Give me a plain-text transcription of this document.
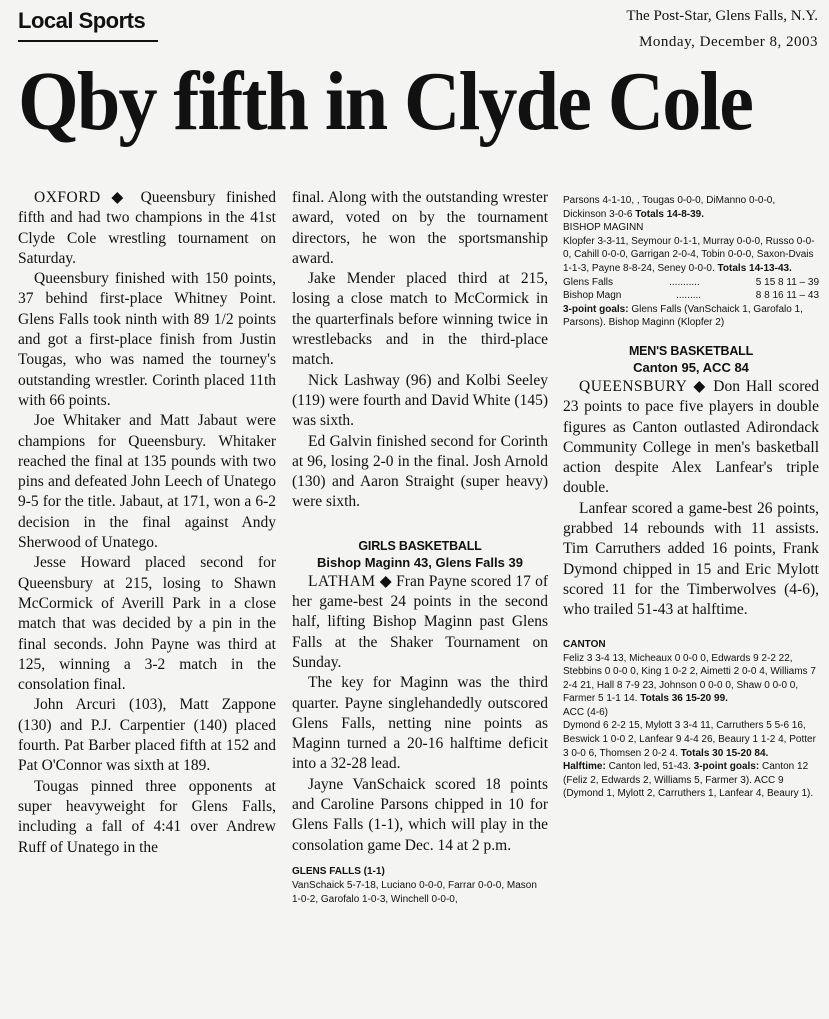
Local Sports	The Post-Star, Glens Falls, N.Y.
Monday, December 8, 2003
Qby fifth in Clyde Cole

OXFORD ◆ Queensbury finished fifth and had two champions in the 41st Clyde Cole wrestling tournament on Saturday.

Queensbury finished with 150 points, 37 behind first-place Whitney Point. Glens Falls took ninth with 89 1/2 points and got a first-place finish from Justin Tougas, who was named the tourney's outstanding wrestler. Corinth placed 11th with 66 points.

Joe Whitaker and Matt Jabaut were champions for Queensbury. Whitaker reached the final at 135 pounds with two pins and defeated John Leech of Unatego 9-5 for the title. Jabaut, at 171, won a 6-2 decision in the final against Andy Sherwood of Unatego.

Jesse Howard placed second for Queensbury at 215, losing to Shawn McCormick of Averill Park in a close match that was decided by a pin in the final seconds. John Payne was third at 125, winning a 3-2 match in the consolation final.

John Arcuri (103), Matt Zappone (130) and P.J. Carpentier (140) placed fourth. Pat Barber placed fifth at 152 and Pat O'Connor was sixth at 189.

Tougas pinned three opponents at super heavyweight for Glens Falls, including a fall of 4:41 over Andrew Ruff of Unatego in the

final. Along with the outstanding wrester award, voted on by the tournament directors, he won the sportsmanship award.

Jake Mender placed third at 215, losing a close match to McCormick in the quarterfinals before winning twice in wrestlebacks and in the third-place match.

Nick Lashway (96) and Kolbi Seeley (119) were fourth and David White (145) was sixth.

Ed Galvin finished second for Corinth at 96, losing 2-0 in the final. Josh Arnold (130) and Aaron Straight (super heavy) were sixth.

GIRLS BASKETBALL
Bishop Maginn 43, Glens Falls 39

LATHAM ◆ Fran Payne scored 17 of her game-best 24 points in the second half, lifting Bishop Maginn past Glens Falls at the Shaker Tournament on Sunday.

The key for Maginn was the third quarter. Payne singlehandedly outscored Glens Falls, netting nine points as Maginn turned a 20-16 halftime deficit into a 32-28 lead.

Jayne VanSchaick scored 18 points and Caroline Parsons chipped in 10 for Glens Falls (1-1), which will play in the consolation game Dec. 14 at 2 p.m.

GLENS FALLS (1-1)
VanSchaick 5-7-18, Luciano 0-0-0, Farrar 0-0-0, Mason 1-0-2, Garofalo 1-0-3, Winchell 0-0-0,
Parsons 4-1-10, , Tougas 0-0-0, DiManno 0-0-0, Dickinson 3-0-6 Totals 14-8-39.
BISHOP MAGINN
Klopfer 3-3-11, Seymour 0-1-1, Murray 0-0-0, Russo 0-0-0, Cahill 0-0-0, Garrigan 2-0-4, Tobin 0-0-0, Saxon-Dvais 1-1-3, Payne 8-8-24, Seney 0-0-0. Totals 14-13-43.
Glens Falls	...........	5 15 8 11 – 39
Bishop Magn	.........	8 8 16 11 – 43
3-point goals: Glens Falls (VanSchaick 1, Garofalo 1, Parsons). Bishop Maginn (Klopfer 2)
MEN'S BASKETBALL
Canton 95, ACC 84

QUEENSBURY ◆ Don Hall scored 23 points to pace five players in double figures as Canton outlasted Adirondack Community College in men's basketball action despite Alex Lanfear's triple double.

Lanfear scored a game-best 26 points, grabbed 14 rebounds with 11 assists. Tim Carruthers added 16 points, Frank Dymond chipped in 15 and Eric Mylott scored 11 for the Timberwolves (4-6), who trailed 51-43 at halftime.

CANTON
Feliz 3 3-4 13, Micheaux 0 0-0 0, Edwards 9 2-2 22, Stebbins 0 0-0 0, King 1 0-2 2, Aimetti 2 0-0 4, Williams 7 2-4 21, Hall 8 7-9 23, Johnson 0 0-0 0, Shaw 0 0-0 0, Farmer 5 1-1 14. Totals 36 15-20 99.
ACC (4-6)
Dymond 6 2-2 15, Mylott 3 3-4 11, Carruthers 5 5-6 16, Beswick 1 0-0 2, Lanfear 9 4-4 26, Beaury 1 1-2 4, Potter 3 0-0 6, Thomsen 2 0-2 4. Totals 30 15-20 84.
Halftime: Canton led, 51-43. 3-point goals: Canton 12 (Feliz 2, Edwards 2, Williams 5, Farmer 3). ACC 9 (Dymond 1, Mylott 2, Carruthers 1, Lanfear 4, Beaury 1).
